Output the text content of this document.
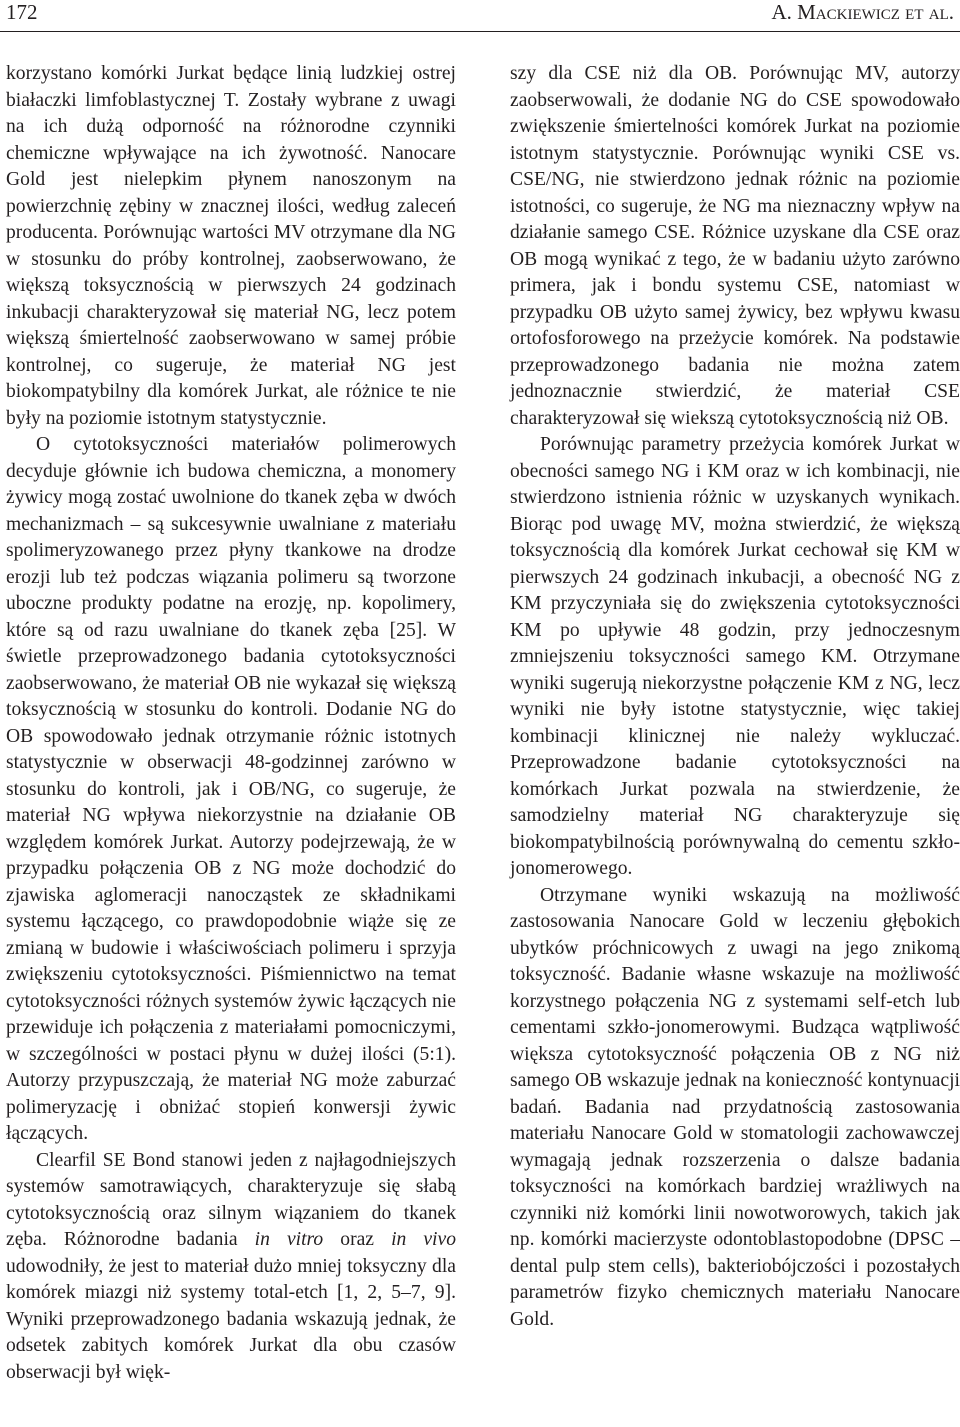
172	A. Mackiewicz et al.

korzystano komórki Jurkat będące linią ludzkiej ostrej białaczki limfoblastycznej T. Zostały wybrane z uwagi na ich dużą odporność na różnorodne czynniki chemiczne wpływające na ich żywotność. Nanocare Gold jest nielepkim płynem nanoszonym na powierzchnię zębiny w znacznej ilości, według zaleceń producenta. Porównując wartości MV otrzymane dla NG w stosunku do próby kontrolnej, zaobserwowano, że większą toksycznością w pierwszych 24 godzinach inkubacji charakteryzował się materiał NG, lecz potem większą śmiertelność zaobserwowano w samej próbie kontrolnej, co sugeruje, że materiał NG jest biokompatybilny dla komórek Jurkat, ale różnice te nie były na poziomie istotnym statystycznie.

O cytotoksyczności materiałów polimerowych decyduje głównie ich budowa chemiczna, a monomery żywicy mogą zostać uwolnione do tkanek zęba w dwóch mechanizmach – są sukcesywnie uwalniane z materiału spolimeryzowanego przez płyny tkankowe na drodze erozji lub też podczas wiązania polimeru są tworzone uboczne produkty podatne na erozję, np. kopolimery, które są od razu uwalniane do tkanek zęba [25]. W świetle przeprowadzonego badania cytotoksyczności zaobserwowano, że materiał OB nie wykazał się większą toksycznością w stosunku do kontroli. Dodanie NG do OB spowodowało jednak otrzymanie różnic istotnych statystycznie w obserwacji 48-godzinnej zarówno w stosunku do kontroli, jak i OB/NG, co sugeruje, że materiał NG wpływa niekorzystnie na działanie OB względem komórek Jurkat. Autorzy podejrzewają, że w przypadku połączenia OB z NG może dochodzić do zjawiska aglomeracji nanocząstek ze składnikami systemu łączącego, co prawdopodobnie wiąże się ze zmianą w budowie i właściwościach polimeru i sprzyja zwiększeniu cytotoksyczności. Piśmiennictwo na temat cytotoksyczności różnych systemów żywic łączących nie przewiduje ich połączenia z materiałami pomocniczymi, w szczególności w postaci płynu w dużej ilości (5:1). Autorzy przypuszczają, że materiał NG może zaburzać polimeryzację i obniżać stopień konwersji żywic łączących.

Clearfil SE Bond stanowi jeden z najłagodniejszych systemów samotrawiących, charakteryzuje się słabą cytotoksycznością oraz silnym wiązaniem do tkanek zęba. Różnorodne badania in vitro oraz in vivo udowodniły, że jest to materiał dużo mniej toksyczny dla komórek miazgi niż systemy total-etch [1, 2, 5–7, 9]. Wyniki przeprowadzonego badania wskazują jednak, że odsetek zabitych komórek Jurkat dla obu czasów obserwacji był więk-

szy dla CSE niż dla OB. Porównując MV, autorzy zaobserwowali, że dodanie NG do CSE spowodowało zwiększenie śmiertelności komórek Jurkat na poziomie istotnym statystycznie. Porównując wyniki CSE vs. CSE/NG, nie stwierdzono jednak różnic na poziomie istotności, co sugeruje, że NG ma nieznaczny wpływ na działanie samego CSE. Różnice uzyskane dla CSE oraz OB mogą wynikać z tego, że w badaniu użyto zarówno primera, jak i bondu systemu CSE, natomiast w przypadku OB użyto samej żywicy, bez wpływu kwasu ortofosforowego na przeżycie komórek. Na podstawie przeprowadzonego badania nie można zatem jednoznacznie stwierdzić, że materiał CSE charakteryzował się wiekszą cytotoksycznością niż OB.

Porównując parametry przeżycia komórek Jurkat w obecności samego NG i KM oraz w ich kombinacji, nie stwierdzono istnienia różnic w uzyskanych wynikach. Biorąc pod uwagę MV, można stwierdzić, że większą toksycznością dla komórek Jurkat cechował się KM w pierwszych 24 godzinach inkubacji, a obecność NG z KM przyczyniała się do zwiększenia cytotoksyczności KM po upływie 48 godzin, przy jednoczesnym zmniejszeniu toksyczności samego KM. Otrzymane wyniki sugerują niekorzystne połączenie KM z NG, lecz wyniki nie były istotne statystycznie, więc takiej kombinacji klinicznej nie należy wykluczać. Przeprowadzone badanie cytotoksyczności na komórkach Jurkat pozwala na stwierdzenie, że samodzielny materiał NG charakteryzuje się biokompatybilnością porównywalną do cementu szkło-jonomerowego.

Otrzymane wyniki wskazują na możliwość zastosowania Nanocare Gold w leczeniu głębokich ubytków próchnicowych z uwagi na jego znikomą toksyczność. Badanie własne wskazuje na możliwość korzystnego połączenia NG z systemami self-etch lub cementami szkło-jonomerowymi. Budząca wątpliwość większa cytotoksyczność połączenia OB z NG niż samego OB wskazuje jednak na konieczność kontynuacji badań. Badania nad przydatnością zastosowania materiału Nanocare Gold w stomatologii zachowawczej wymagają jednak rozszerzenia o dalsze badania toksyczności na komórkach bardziej wrażliwych na czynniki niż komórki linii nowotworowych, takich jak np. komórki macierzyste odontoblastopodobne (DPSC – dental pulp stem cells), bakteriobójczości i pozostałych parametrów fizyko chemicznych materiału Nanocare Gold.
